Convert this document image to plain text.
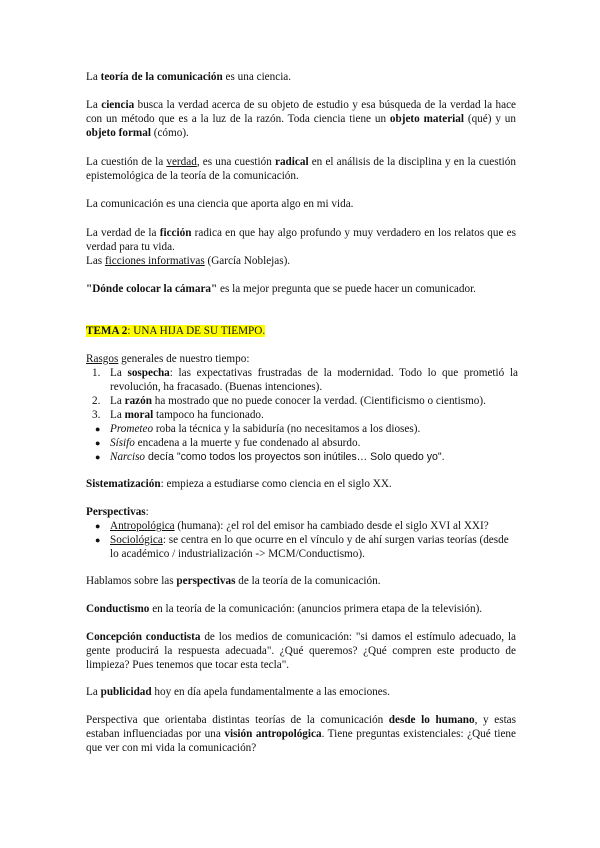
La teoría de la comunicación es una ciencia.

La ciencia busca la verdad acerca de su objeto de estudio y esa búsqueda de la verdad la hace con un método que es a la luz de la razón. Toda ciencia tiene un objeto material (qué) y un objeto formal (cómo).

La cuestión de la verdad, es una cuestión radical en el análisis de la disciplina y en la cuestión epistemológica de la teoría de la comunicación.

La comunicación es una ciencia que aporta algo en mi vida.

La verdad de la ficción radica en que hay algo profundo y muy verdadero en los relatos que es verdad para tu vida.
Las ficciones informativas (García Noblejas).

"Dónde colocar la cámara" es la mejor pregunta que se puede hacer un comunicador.

TEMA 2: UNA HIJA DE SU TIEMPO.

Rasgos generales de nuestro tiempo:

1. La sospecha: las expectativas frustradas de la modernidad. Todo lo que prometió la revolución, ha fracasado. (Buenas intenciones).
2. La razón ha mostrado que no puede conocer la verdad. (Cientificismo o cientismo).
3. La moral tampoco ha funcionado.
● Prometeo roba la técnica y la sabiduría (no necesitamos a los dioses).
● Sísifo encadena a la muerte y fue condenado al absurdo.
● Narciso decía "como todos los proyectos son inútiles… Solo quedo yo".

Sistematización: empieza a estudiarse como ciencia en el siglo XX.

Perspectivas:

● Antropológica (humana): ¿el rol del emisor ha cambiado desde el siglo XVI al XXI?
● Sociológica: se centra en lo que ocurre en el vínculo y de ahí surgen varias teorías (desde lo académico / industrialización -> MCM/Conductismo).

Hablamos sobre las perspectivas de la teoría de la comunicación.

Conductismo en la teoría de la comunicación: (anuncios primera etapa de la televisión).

Concepción conductista de los medios de comunicación: "si damos el estímulo adecuado, la gente producirá la respuesta adecuada". ¿Qué queremos? ¿Qué compren este producto de limpieza? Pues tenemos que tocar esta tecla".

La publicidad hoy en día apela fundamentalmente a las emociones.

Perspectiva que orientaba distintas teorías de la comunicación desde lo humano, y estas estaban influenciadas por una visión antropológica. Tiene preguntas existenciales: ¿Qué tiene que ver con mi vida la comunicación?
